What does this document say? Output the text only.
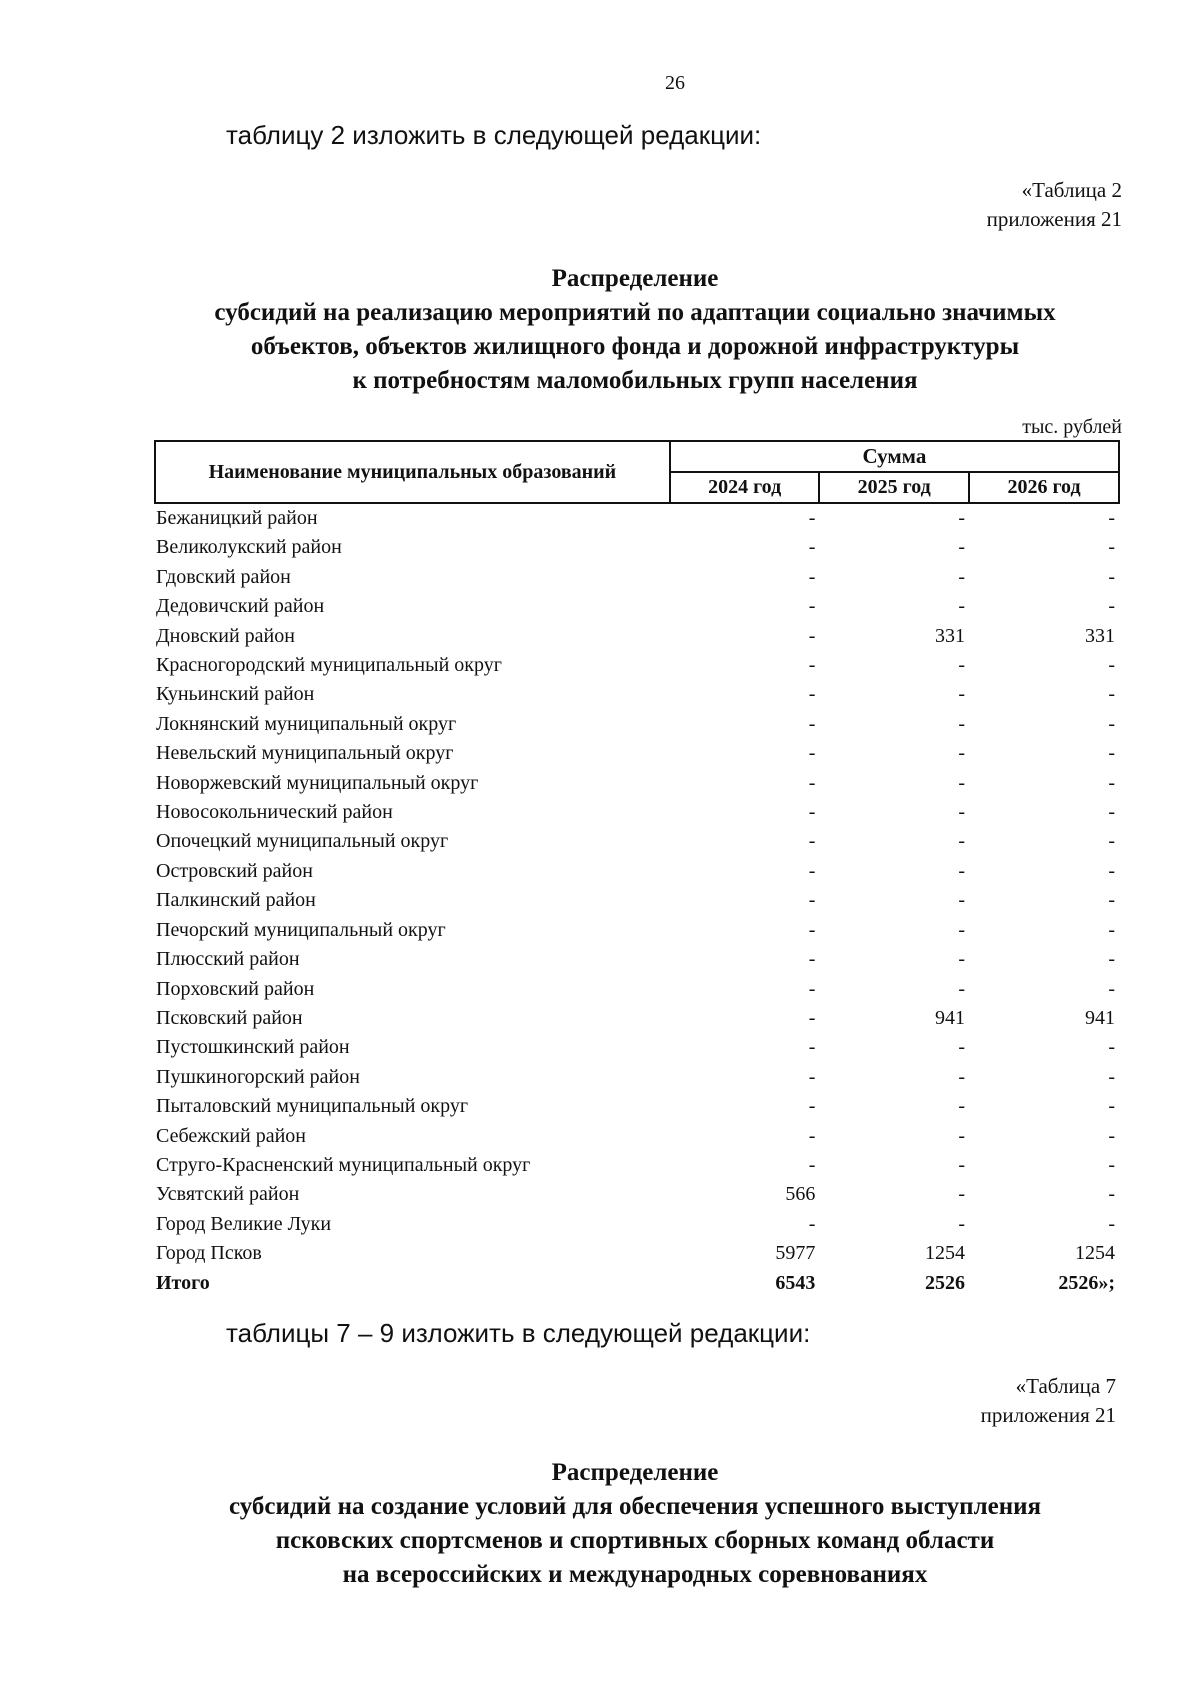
26
таблицу 2 изложить в следующей редакции:
«Таблица 2
приложения 21
Распределение
субсидий на реализацию мероприятий по адаптации социально значимых
объектов, объектов жилищного фонда и дорожной инфраструктуры
к потребностям маломобильных групп населения
тыс. рублей
Наименование муниципальных образований	Сумма		
	2024 год	2025 год	2026 год
Бежаницкий район	-	-	-
Великолукский район	-	-	-
Гдовский район	-	-	-
Дедовичский район	-	-	-
Дновский район	-	331	331
Красногородский муниципальный округ	-	-	-
Куньинский район	-	-	-
Локнянский муниципальный округ	-	-	-
Невельский муниципальный округ	-	-	-
Новоржевский муниципальный округ	-	-	-
Новосокольнический район	-	-	-
Опочецкий муниципальный округ	-	-	-
Островский район	-	-	-
Палкинский район	-	-	-
Печорский муниципальный округ	-	-	-
Плюсский район	-	-	-
Порховский район	-	-	-
Псковский район	-	941	941
Пустошкинский район	-	-	-
Пушкиногорский район	-	-	-
Пыталовский муниципальный округ	-	-	-
Себежский район	-	-	-
Струго-Красненский муниципальный округ	-	-	-
Усвятский район	566	-	-
Город Великие Луки	-	-	-
Город Псков	5977	1254	1254
Итого	6543	2526	2526»;
таблицы 7 – 9 изложить в следующей редакции:
«Таблица 7
приложения 21
Распределение
субсидий на создание условий для обеспечения успешного выступления
псковских спортсменов и спортивных сборных команд области
на всероссийских и международных соревнованиях
